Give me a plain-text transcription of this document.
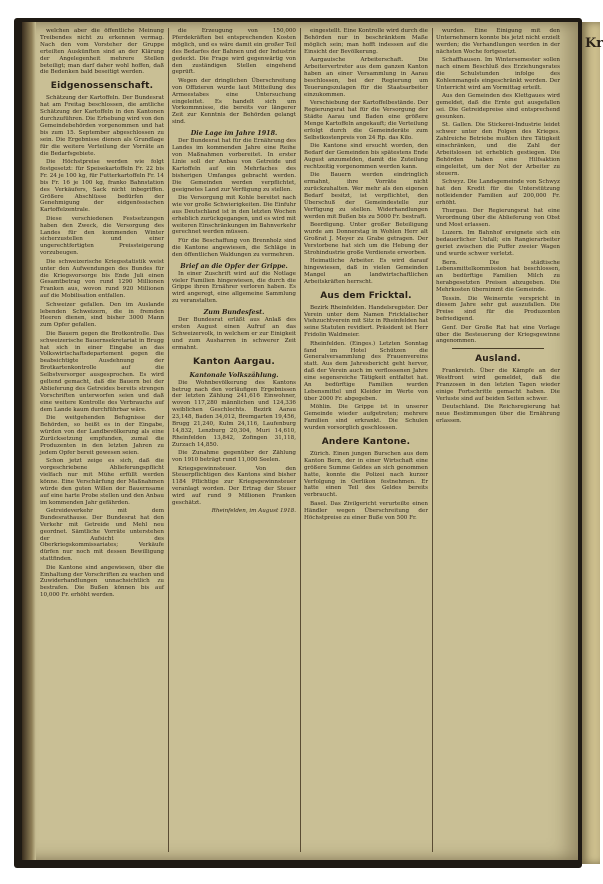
welchen aber die öffentliche Meinung Treibendes nicht zu erkennen vermag. Nach den vom Vorsteher der Gruppe erteilten Auskünften sind an der Klärung der Angelegenheit mehrere Stellen beteiligt; man darf daher wohl hoffen, daß die Bedenken bald beseitigt werden.

Eidgenossenschaft.

Schätzung der Kartoffeln. Der Bundesrat hat am Freitag beschlossen, die amtliche Schätzung der Kartoffeln in den Kantonen durchzuführen. Die Erhebung wird von den Gemeindebehörden vorgenommen und hat bis zum 15. September abgeschlossen zu sein. Die Ergebnisse dienen als Grundlage für die weitere Verteilung der Vorräte an die Bedarfsgebiete.

Die Höchstpreise werden wie folgt festgesetzt: für Speisekartoffeln Fr. 22 bis Fr. 24 je 100 kg, für Futterkartoffeln Fr. 14 bis Fr. 16 je 100 kg, franko Bahnstation des Verkäufers, Sack nicht inbegriffen. Größere Abschlüsse bedürfen der Genehmigung der eidgenössischen Kartoffelzentrale.

Diese verschiedenen Festsetzungen haben den Zweck, die Versorgung des Landes für den kommenden Winter sicherzustellen und einer ungerechtfertigten Preissteigerung vorzubeugen.

Die schweizerische Kriegsstatistik weist unter den Aufwendungen des Bundes für die Kriegsvorsorge bis Ende Juli einen Gesamtbetrag von rund 1290 Millionen Franken aus, wovon rund 920 Millionen auf die Mobilisation entfallen.

Schweizer gefallen. Den im Auslande lebenden Schweizern, die in fremden Heeren dienen, sind bisher 3000 Mann zum Opfer gefallen.

Die Bauern gegen die Brotkontrolle. Das schweizerische Bauernsekretariat in Brugg hat sich in einer Eingabe an das Volkswirtschaftsdepartement gegen die beabsichtigte Ausdehnung der Brotkartenkontrolle auf die Selbstversorger ausgesprochen. Es wird geltend gemacht, daß die Bauern bei der Ablieferung des Getreides bereits strengen Vorschriften unterworfen seien und daß eine weitere Kontrolle des Verbrauchs auf dem Lande kaum durchführbar wäre.

Die weitgehenden Befugnisse der Behörden, so heißt es in der Eingabe, würden von der Landbevölkerung als eine Zurücksetzung empfunden, zumal die Produzenten in den letzten Jahren zu jedem Opfer bereit gewesen seien.

Schon jetzt zeige es sich, daß die vorgeschriebene Ablieferungspflicht vielfach nur mit Mühe erfüllt werden könne. Eine Verschärfung der Maßnahmen würde den guten Willen der Bauernsame auf eine harte Probe stellen und den Anbau im kommenden Jahr gefährden.

Getreideverkehr mit dem Bundesrathause. Der Bundesrat hat den Verkehr mit Getreide und Mehl neu geordnet. Sämtliche Vorräte unterstehen der Aufsicht des Oberkriegskommissariates; Verkäufe dürfen nur noch mit dessen Bewilligung stattfinden.

Die Kantone sind angewiesen, über die Einhaltung der Vorschriften zu wachen und Zuwiderhandlungen unnachsichtlich zu bestrafen. Die Bußen können bis auf 10,000 Fr. erhöht werden.

die Erzeugung von 150,000 Pferdekräften bei entsprechenden Kosten möglich, und es wäre damit ein großer Teil des Bedarfes der Bahnen und der Industrie gedeckt. Die Frage wird gegenwärtig von den zuständigen Stellen eingehend geprüft.

Wegen der dringlichen Überschreitung von Offizieren wurde laut Mitteilung des Armeestabes eine Untersuchung eingeleitet. Es handelt sich um Vorkommnisse, die bereits vor längerer Zeit zur Kenntnis der Behörden gelangt sind.

Die Lage im Jahre 1918.

Der Bundesrat hat für die Ernährung des Landes im kommenden Jahre eine Reihe von Maßnahmen vorbereitet. In erster Linie soll der Anbau von Getreide und Kartoffeln auf ein Mehrfaches des bisherigen Umfanges gebracht werden. Die Gemeinden werden verpflichtet, geeignetes Land zur Verfügung zu stellen.

Die Versorgung mit Kohle bereitet nach wie vor große Schwierigkeiten. Die Einfuhr aus Deutschland ist in den letzten Wochen erheblich zurückgegangen, und es wird mit weiteren Einschränkungen im Bahnverkehr gerechnet werden müssen.

Für die Beschaffung von Brennholz sind die Kantone angewiesen, die Schläge in den öffentlichen Waldungen zu vermehren.

Brief an die Opfer der Grippe.

In einer Zuschrift wird auf die Notlage vieler Familien hingewiesen, die durch die Grippe ihren Ernährer verloren haben. Es wird angeregt, eine allgemeine Sammlung zu veranstalten.

Zum Bundesfest.

Der Bundesrat erläßt aus Anlaß des ersten August einen Aufruf an das Schweizervolk, in welchem er zur Einigkeit und zum Ausharren in schwerer Zeit ermahnt.

Kanton Aargau.
Kantonale Volkszählung.

Die Wohnbevölkerung des Kantons betrug nach den vorläufigen Ergebnissen der letzten Zählung 241,616 Einwohner, wovon 117,280 männlichen und 124,336 weiblichen Geschlechts. Bezirk Aarau 23,148, Baden 34,012, Bremgarten 19,456, Brugg 21,240, Kulm 24,116, Laufenburg 14,832, Lenzburg 20,304, Muri 14,610, Rheinfelden 13,842, Zofingen 31,118, Zurzach 14,850.

Die Zunahme gegenüber der Zählung von 1910 beträgt rund 11,000 Seelen.

Kriegsgewinnsteuer. Von den Steuerpflichtigen des Kantons sind bisher 1184 Pflichtige zur Kriegsgewinnsteuer veranlagt worden. Der Ertrag der Steuer wird auf rund 9 Millionen Franken geschätzt.

Rheinfelden, im August 1918.

eingestellt. Eine Kontrolle wird durch die Behörden nur in beschränktem Maße möglich sein; man hofft indessen auf die Einsicht der Bevölkerung.

Aargauische Arbeiterschaft. Die Arbeitervertreter aus dem ganzen Kanton haben an einer Versammlung in Aarau beschlossen, bei der Regierung um Teuerungszulagen für die Staatsarbeiter einzukommen.

Verschiebung der Kartoffelbestände. Der Regierungsrat hat für die Versorgung der Städte Aarau und Baden eine größere Menge Kartoffeln angekauft; die Verteilung erfolgt durch die Gemeinderäte zum Selbstkostenpreis von 24 Rp. das Kilo.

Die Kantone sind ersucht worden, den Bedarf der Gemeinden bis spätestens Ende August anzumelden, damit die Zuteilung rechtzeitig vorgenommen werden kann.

Die Bauern werden eindringlich ermahnt, ihre Vorräte nicht zurückzuhalten. Wer mehr als den eigenen Bedarf besitzt, ist verpflichtet, den Überschuß der Gemeindestelle zur Verfügung zu stellen. Widerhandlungen werden mit Bußen bis zu 5000 Fr. bestraft.

Beerdigung. Unter großer Beteiligung wurde am Donnerstag in Wohlen Herr alt Großrat J. Meyer zu Grabe getragen. Der Verstorbene hat sich um die Hebung der Strohindustrie große Verdienste erworben.

Heimatliche Arbeiter. Es wird darauf hingewiesen, daß in vielen Gemeinden Mangel an landwirtschaftlichen Arbeitskräften herrscht.

Aus dem Fricktal.

Bezirk Rheinfelden. Handelsregister. Der Verein unter dem Namen Fricktalischer Viehzuchtverein mit Sitz in Rheinfelden hat seine Statuten revidiert. Präsident ist Herr Fridolin Waldmeier.

Rheinfelden. (Einges.) Letzten Sonntag fand im Hotel Schützen die Generalversammlung des Frauenvereins statt. Aus dem Jahresbericht geht hervor, daß der Verein auch im verflossenen Jahre eine segensreiche Tätigkeit entfaltet hat. An bedürftige Familien wurden Lebensmittel und Kleider im Werte von über 2000 Fr. abgegeben.

Möhlin. Die Grippe ist in unserer Gemeinde wieder aufgetreten; mehrere Familien sind erkrankt. Die Schulen wurden vorsorglich geschlossen.

Andere Kantone.

Zürich. Einen jungen Burschen aus dem Kanton Bern, der in einer Wirtschaft eine größere Summe Geldes an sich genommen hatte, konnte die Polizei nach kurzer Verfolgung in Oerlikon festnehmen. Er hatte einen Teil des Geldes bereits verbraucht.

Basel. Das Zivilgericht verurteilte einen Händler wegen Überschreitung der Höchstpreise zu einer Buße von 500 Fr.

wurden. Eine Einigung mit den Unternehmern konnte bis jetzt nicht erzielt werden; die Verhandlungen werden in der nächsten Woche fortgesetzt.

Schaffhausen. Im Wintersemester sollen nach einem Beschluß des Erziehungsrates die Schulstunden infolge des Kohlenmangels eingeschränkt werden. Der Unterricht wird am Vormittag erteilt.

Aus den Gemeinden des Klettgaues wird gemeldet, daß die Ernte gut ausgefallen sei. Die Getreidepreise sind entsprechend gesunken.

St. Gallen. Die Stickerei-Industrie leidet schwer unter den Folgen des Krieges. Zahlreiche Betriebe mußten ihre Tätigkeit einschränken, und die Zahl der Arbeitslosen ist erheblich gestiegen. Die Behörden haben eine Hilfsaktion eingeleitet, um der Not der Arbeiter zu steuern.

Schwyz. Die Landsgemeinde von Schwyz hat den Kredit für die Unterstützung notleidender Familien auf 200,000 Fr. erhöht.

Thurgau. Der Regierungsrat hat eine Verordnung über die Ablieferung von Obst und Most erlassen.

Luzern. Im Bahnhof ereignete sich ein bedauerlicher Unfall; ein Rangierarbeiter geriet zwischen die Puffer zweier Wagen und wurde schwer verletzt.

Bern. Die städtische Lebensmittelkommission hat beschlossen, an bedürftige Familien Milch zu herabgesetzten Preisen abzugeben. Die Mehrkosten übernimmt die Gemeinde.

Tessin. Die Weinernte verspricht in diesem Jahre sehr gut auszufallen. Die Preise sind für die Produzenten befriedigend.

Genf. Der Große Rat hat eine Vorlage über die Besteuerung der Kriegsgewinne angenommen.

Ausland.

Frankreich. Über die Kämpfe an der Westfront wird gemeldet, daß die Franzosen in den letzten Tagen wieder einige Fortschritte gemacht haben. Die Verluste sind auf beiden Seiten schwer.

Deutschland. Die Reichsregierung hat neue Bestimmungen über die Ernährung erlassen.

Kr
